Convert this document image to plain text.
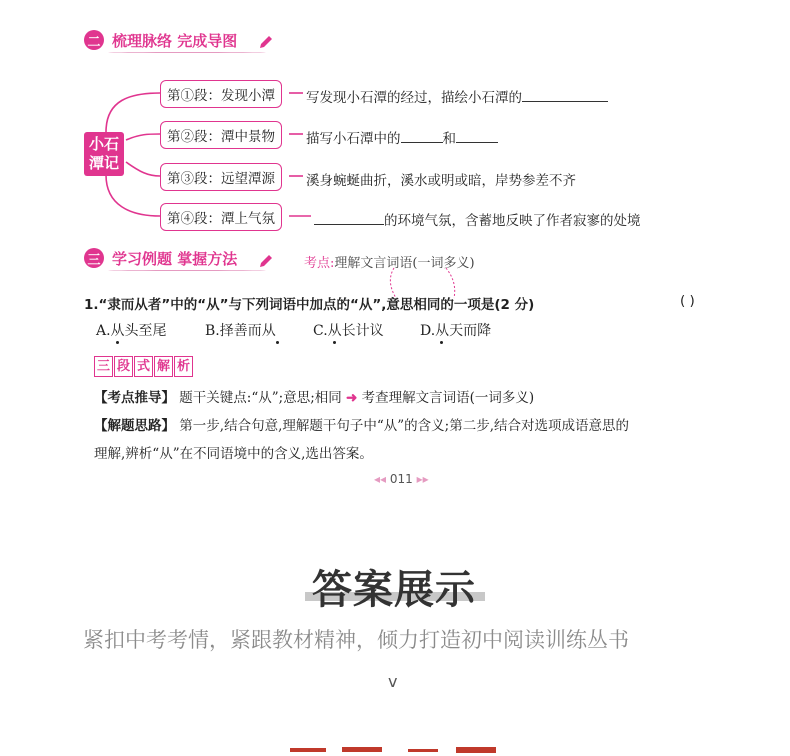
二 梳理脉络 完成导图
小石
潭记
第①段：发现小潭	写发现小石潭的经过，描绘小石潭的
第②段：潭中景物	描写小石潭中的	和
第③段：远望潭源	溪身蜿蜒曲折，溪水或明或暗，岸势参差不齐
第④段：潭上气氛	的环境气氛，含蓄地反映了作者寂寥的处境
三 学习例题 掌握方法	考点:理解文言词语(一词多义)
1.“隶而从者”中的“从”与下列词语中加点的“从”,意思相同的一项是(2 分)	( )
A.从头至尾	B.择善而从	C.从长计议	D.从天而降
三 段 式 解 析
【考点推导】 题干关键点:“从”;意思;相同 ➜ 考查理解文言词语(一词多义)
【解题思路】 第一步,结合句意,理解题干句子中“从”的含义;第二步,结合对选项成语意思的
理解,辨析“从”在不同语境中的含义,选出答案。
◂◂ 011 ▸▸
答案展示
紧扣中考考情，紧跟教材精神，倾力打造初中阅读训练丛书
v
